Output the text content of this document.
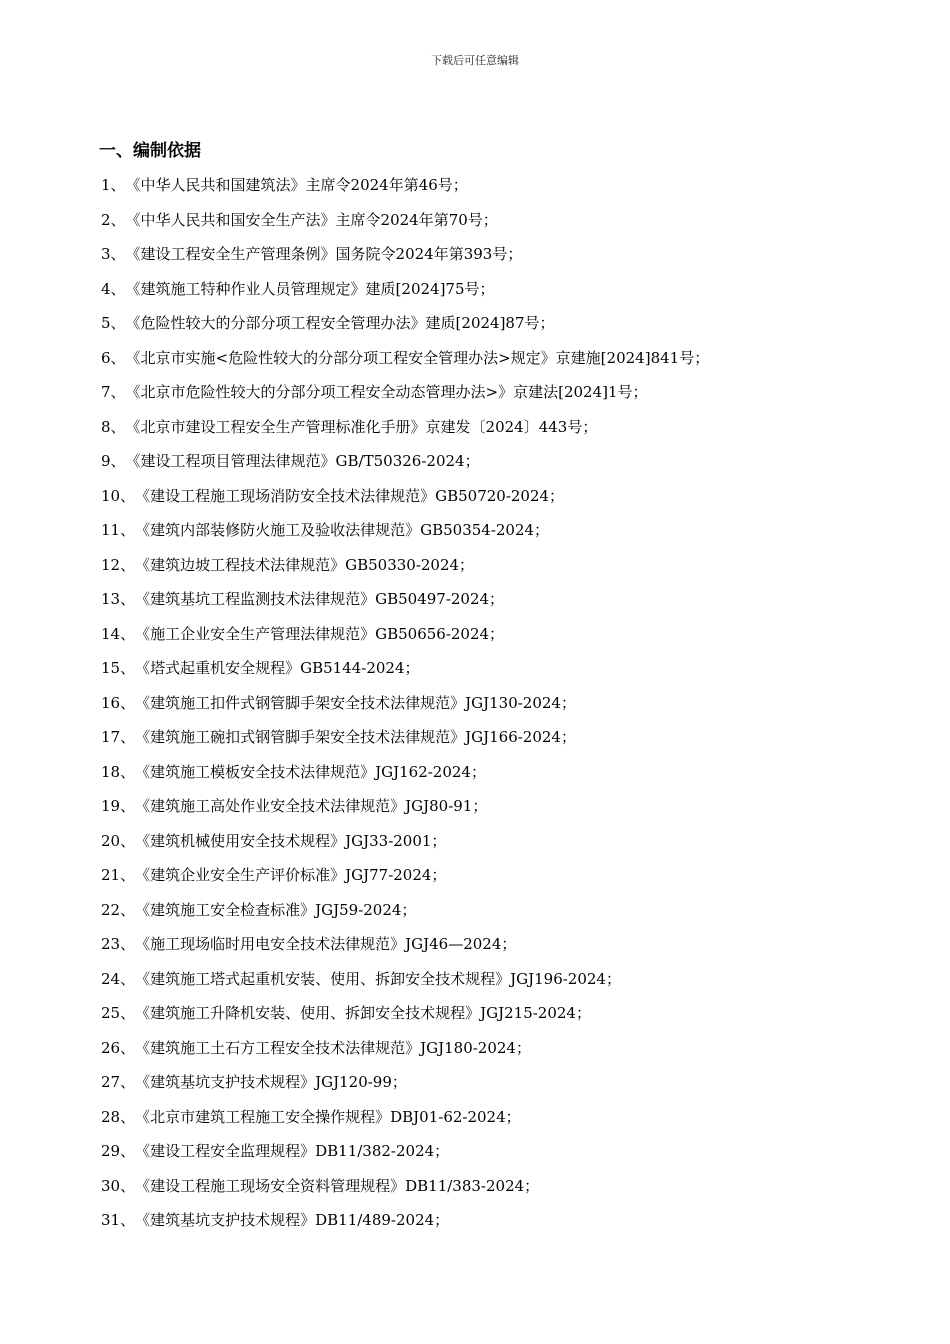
下载后可任意编辑
一、编制依据
1、《中华人民共和国建筑法》主席令2024年第46号；
2、《中华人民共和国安全生产法》主席令2024年第70号；
3、《建设工程安全生产管理条例》国务院令2024年第393号；
4、《建筑施工特种作业人员管理规定》建质[2024]75号；
5、《危险性较大的分部分项工程安全管理办法》建质[2024]87号；
6、《北京市实施<危险性较大的分部分项工程安全管理办法>规定》京建施[2024]841号；
7、《北京市危险性较大的分部分项工程安全动态管理办法>》京建法[2024]1号；
8、《北京市建设工程安全生产管理标准化手册》京建发〔2024〕443号；
9、《建设工程项目管理法律规范》GB/T50326-2024；
10、《建设工程施工现场消防安全技术法律规范》GB50720-2024；
11、《建筑内部装修防火施工及验收法律规范》GB50354-2024；
12、《建筑边坡工程技术法律规范》GB50330-2024；
13、《建筑基坑工程监测技术法律规范》GB50497-2024；
14、《施工企业安全生产管理法律规范》GB50656-2024；
15、《塔式起重机安全规程》GB5144-2024；
16、《建筑施工扣件式钢管脚手架安全技术法律规范》JGJ130-2024；
17、《建筑施工碗扣式钢管脚手架安全技术法律规范》JGJ166-2024；
18、《建筑施工模板安全技术法律规范》JGJ162-2024；
19、《建筑施工高处作业安全技术法律规范》JGJ80-91；
20、《建筑机械使用安全技术规程》JGJ33-2001；
21、《建筑企业安全生产评价标准》JGJ77-2024；
22、《建筑施工安全检查标准》JGJ59-2024；
23、《施工现场临时用电安全技术法律规范》JGJ46—2024；
24、《建筑施工塔式起重机安装、使用、拆卸安全技术规程》JGJ196-2024；
25、《建筑施工升降机安装、使用、拆卸安全技术规程》JGJ215-2024；
26、《建筑施工土石方工程安全技术法律规范》JGJ180-2024；
27、《建筑基坑支护技术规程》JGJ120-99；
28、《北京市建筑工程施工安全操作规程》DBJ01-62-2024；
29、《建设工程安全监理规程》DB11/382-2024；
30、《建设工程施工现场安全资料管理规程》DB11/383-2024；
31、《建筑基坑支护技术规程》DB11/489-2024；
